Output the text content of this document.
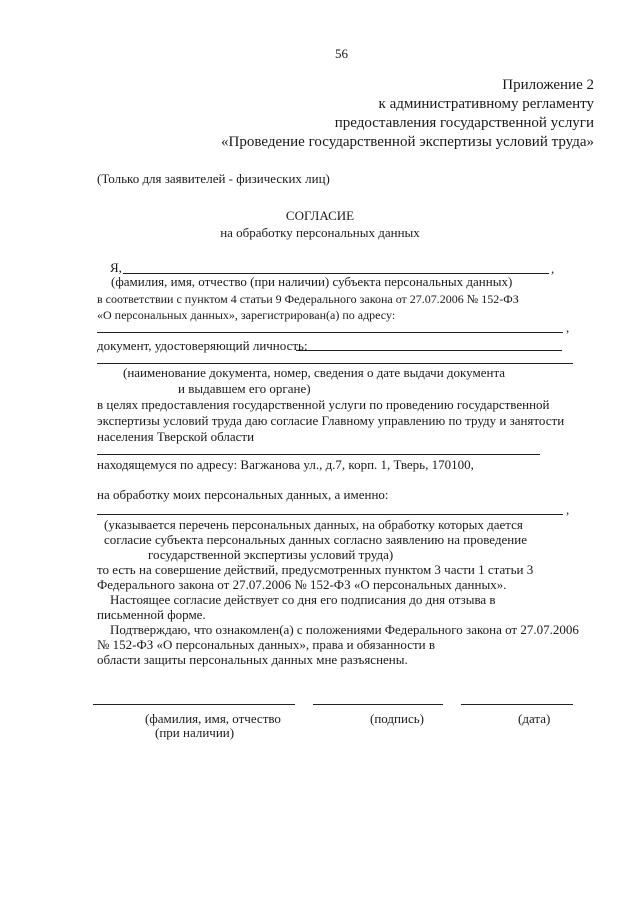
56
Приложение 2
к административному регламенту
предоставления государственной услуги
«Проведение государственной экспертизы условий труда»
(Только для заявителей - физических лиц)
СОГЛАСИЕ
на обработку персональных данных
Я,	,
(фамилия, имя, отчество (при наличии) субъекта персональных данных)
в соответствии с пунктом 4 статьи 9 Федерального закона от 27.07.2006 № 152-ФЗ
«О персональных данных», зарегистрирован(а) по адресу:
,
документ, удостоверяющий личность:
(наименование документа, номер, сведения о дате выдачи документа
и выдавшем его органе)
в целях предоставления государственной услуги по проведению государственной
экспертизы условий труда даю согласие Главному управлению по труду и занятости
населения Тверской области
находящемуся по адресу: Вагжанова ул., д.7, корп. 1, Тверь, 170100,
на обработку моих персональных данных, а именно:
,
(указывается перечень персональных данных, на обработку которых дается
согласие субъекта персональных данных согласно заявлению на проведение
государственной экспертизы условий труда)
то есть на совершение действий, предусмотренных пунктом 3 части 1 статьи 3
Федерального закона от 27.07.2006 № 152-ФЗ «О персональных данных».
Настоящее согласие действует со дня его подписания до дня отзыва в
письменной форме.
Подтверждаю, что ознакомлен(а) с положениями Федерального закона от 27.07.2006
№ 152-ФЗ «О персональных данных», права и обязанности в
области защиты персональных данных мне разъяснены.
(фамилия, имя, отчество
(при наличии)
(подпись)	(дата)
